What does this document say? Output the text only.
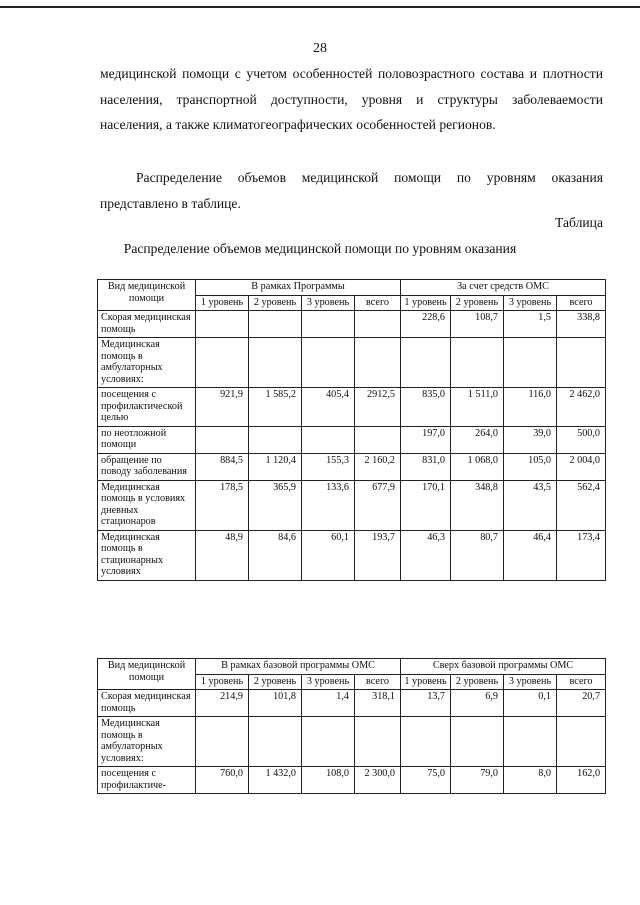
28

медицинской помощи с учетом особенностей половозрастного состава и плотности населения, транспортной доступности, уровня и структуры заболеваемости населения, а также климатогеографических особенностей регионов.

Распределение объемов медицинской помощи по уровням оказания представлено в таблице.

Таблица
Распределение объемов медицинской помощи по уровням оказания
Вид медицинской помощи	В рамках Программы				За счет средств ОМС			
	1 уровень	2 уровень	3 уровень	всего	1 уровень	2 уровень	3 уровень	всего
Скорая медицинская помощь					228,6	108,7	1,5	338,8
Медицинская помощь в амбулаторных условиях:								
посещения с профилактической целью	921,9	1 585,2	405,4	2912,5	835,0	1 511,0	116,0	2 462,0
по неотложной помощи					197,0	264,0	39,0	500,0
обращение по поводу заболевания	884,5	1 120,4	155,3	2 160,2	831,0	1 068,0	105,0	2 004,0
Медицинская помощь в условиях дневных стационаров	178,5	365,9	133,6	677,9	170,1	348,8	43,5	562,4
Медицинская помощь в стационарных условиях	48,9	84,6	60,1	193,7	46,3	80,7	46,4	173,4
Вид медицинской помощи	В рамках базовой программы ОМС				Сверх базовой программы ОМС			
	1 уровень	2 уровень	3 уровень	всего	1 уровень	2 уровень	3 уровень	всего
Скорая медицинская помощь	214,9	101,8	1,4	318,1	13,7	6,9	0,1	20,7
Медицинская помощь в амбулаторных условиях:								
посещения с профилактиче-	760,0	1 432,0	108,0	2 300,0	75,0	79,0	8,0	162,0
